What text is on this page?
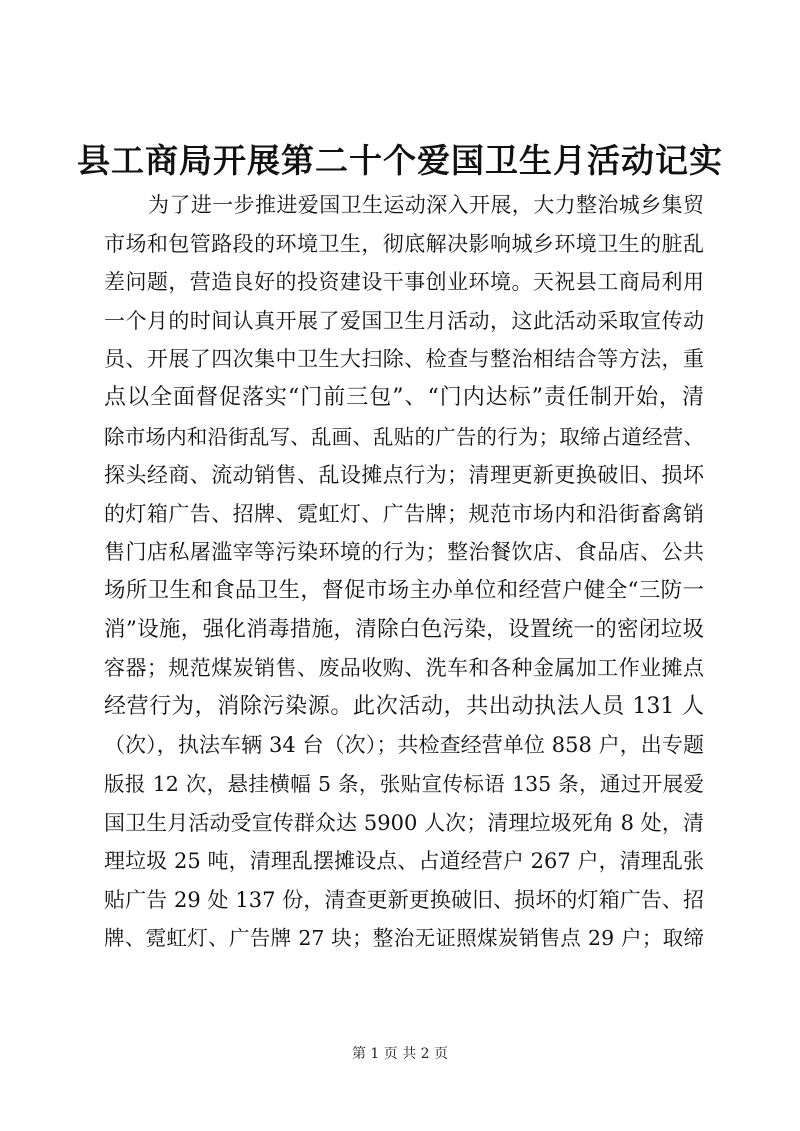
县工商局开展第二十个爱国卫生月活动记实
为了进一步推进爱国卫生运动深入开展，大力整治城乡集贸
市场和包管路段的环境卫生，彻底解决影响城乡环境卫生的脏乱
差问题，营造良好的投资建设干事创业环境。天祝县工商局利用
一个月的时间认真开展了爱国卫生月活动，这此活动采取宣传动
员、开展了四次集中卫生大扫除、检查与整治相结合等方法，重
点以全面督促落实“门前三包”、“门内达标”责任制开始，清
除市场内和沿街乱写、乱画、乱贴的广告的行为；取缔占道经营、
探头经商、流动销售、乱设摊点行为；清理更新更换破旧、损坏
的灯箱广告、招牌、霓虹灯、广告牌；规范市场内和沿街畜禽销
售门店私屠滥宰等污染环境的行为；整治餐饮店、食品店、公共
场所卫生和食品卫生，督促市场主办单位和经营户健全“三防一
消”设施，强化消毒措施，清除白色污染，设置统一的密闭垃圾
容器；规范煤炭销售、废品收购、洗车和各种金属加工作业摊点
经营行为，消除污染源。此次活动，共出动执法人员 131 人
（次），执法车辆 34 台（次）；共检查经营单位 858 户，出专题
版报 12 次，悬挂横幅 5 条，张贴宣传标语 135 条，通过开展爱
国卫生月活动受宣传群众达 5900 人次；清理垃圾死角 8 处，清
理垃圾 25 吨，清理乱摆摊设点、占道经营户 267 户，清理乱张
贴广告 29 处 137 份，清查更新更换破旧、损坏的灯箱广告、招
牌、霓虹灯、广告牌 27 块；整治无证照煤炭销售点 29 户；取缔
第 1 页 共 2 页
